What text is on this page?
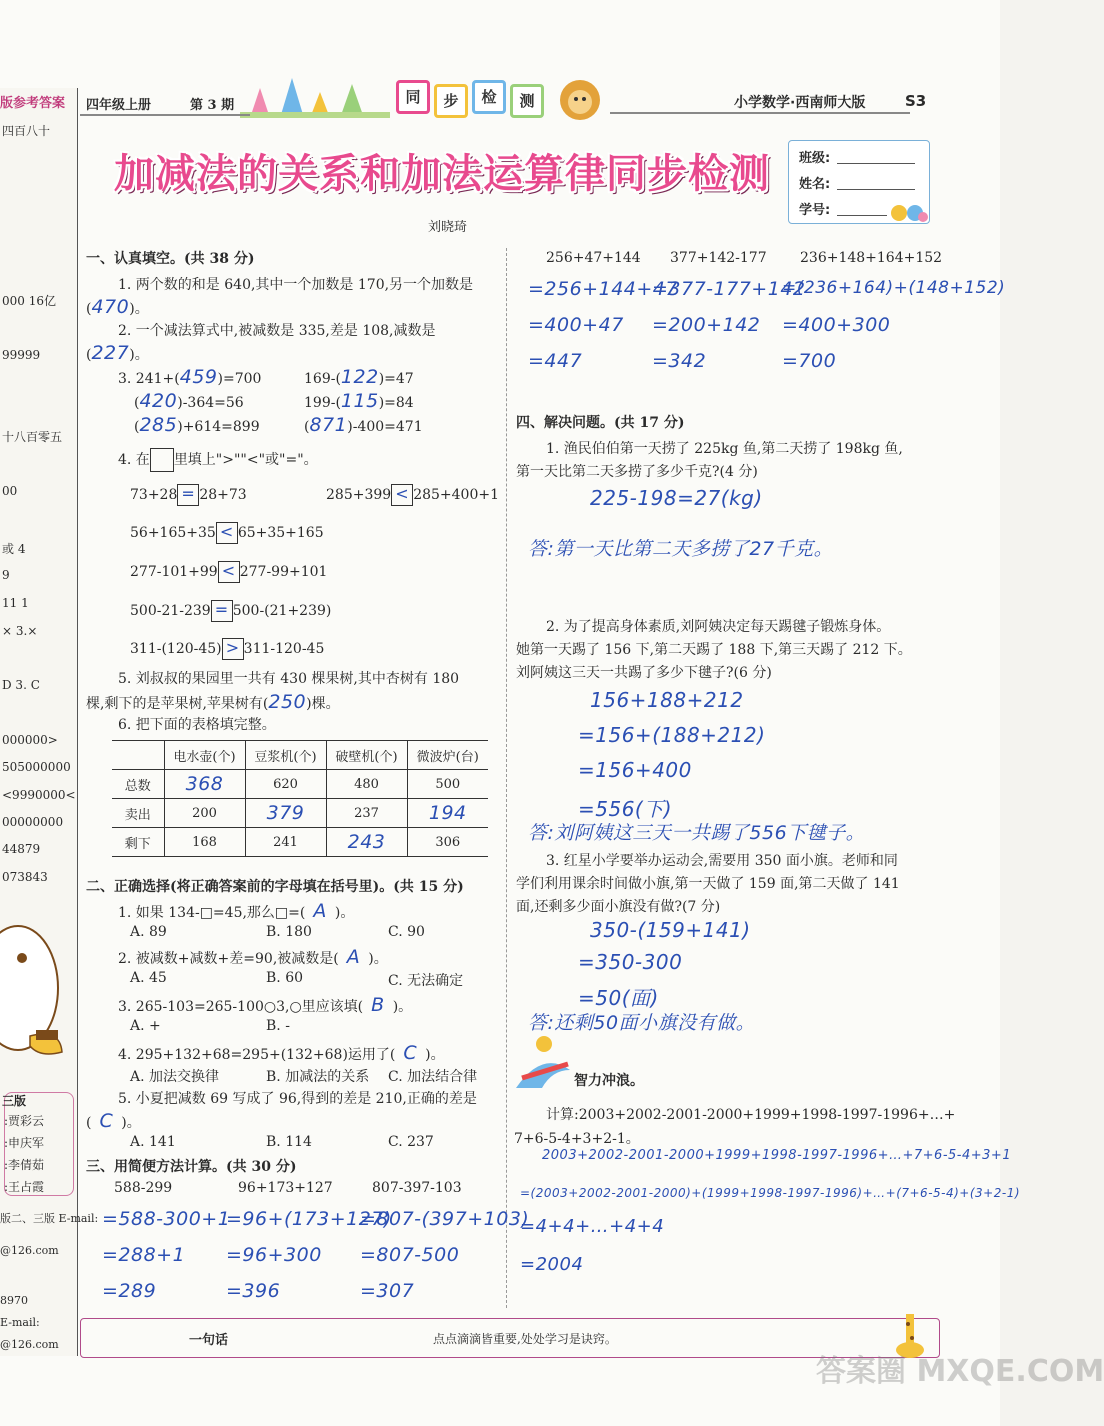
版参考答案
三版
四百八十
000 16亿
99999
十八百零五
00
或 4
9
11 1
× 3.×
D 3. C
000000>
505000000
<9990000<
00000000
44879
073843
:贾彩云
:申庆军
:李倩茹
:王占霞
版二、三版 E-mail:
@126.com
8970
E-mail:
@126.com
四年级上册	第 3 期	同	步	检	测	小学数学·西南师大版	S3
加减法的关系和加法运算律同步检测
刘晓琦
班级:
姓名:
学号:
一、认真填空。(共 38 分)
1. 两个数的和是 640,其中一个加数是 170,另一个加数是
(470)。
2. 一个减法算式中,被减数是 335,差是 108,减数是
(227)。
4. 在 里填上">""<"或"="。
5. 刘叔叔的果园里一共有 430 棵果树,其中杏树有 180
棵,剩下的是苹果树,苹果树有(250)棵。
6. 把下面的表格填完整。
	电水壶(个)	豆浆机(个)	破壁机(个)	微波炉(台)
总数	368	620	480	500
卖出	200	379	237	194
剩下	168	241	243	306
二、正确选择(将正确答案前的字母填在括号里)。(共 15 分)
三、用简便方法计算。(共 30 分)
四、解决问题。(共 17 分)
智力冲浪。
一句话	点点滴滴皆重要,处处学习是诀窍。
答案圈 MXQE.COM
3. 241+(459)=700	169-(122)=47
(420)-364=56	199-(115)=84
(285)+614=899	(871)-400=471
73+28 = 28+73	285+399 < 285+400+1
56+165+35 < 65+35+165
277-101+99 < 277-99+101
500-21-239 = 500-(21+239)
311-(120-45) > 311-120-45
1. 如果 134-□=45,那么□=( A )。
A. 89	B. 180	C. 90
2. 被减数+减数+差=90,被减数是( A )。
A. 45	B. 60	C. 无法确定
3. 265-103=265-100○3,○里应该填( B )。
A. +	B. -
4. 295+132+68=295+(132+68)运用了( C )。
A. 加法交换律	B. 加减法的关系 C. 加法结合律
5. 小夏把减数 69 写成了 96,得到的差是 210,正确的差是
( C )。
A. 141	B. 114	C. 237
588-299
=588-300+1
=288+1
=289
96+173+127
=96+(173+127)
=96+300
=396
807-397-103
=807-(397+103)
=807-500
=307
256+47+144
=256+144+47
=400+47
=447
377+142-177
=377-177+142
=200+142
=342
236+148+164+152
=(236+164)+(148+152)
=400+300
=700
1. 渔民伯伯第一天捞了 225kg 鱼,第二天捞了 198kg 鱼,
第一天比第二天多捞了多少千克?(4 分)
225-198=27(kg)
答:第一天比第二天多捞了27千克。
2. 为了提高身体素质,刘阿姨决定每天踢毽子锻炼身体。
她第一天踢了 156 下,第二天踢了 188 下,第三天踢了 212 下。
刘阿姨这三天一共踢了多少下毽子?(6 分)
156+188+212
=156+(188+212)
=156+400
=556(下)
答:刘阿姨这三天一共踢了556下毽子。
3. 红星小学要举办运动会,需要用 350 面小旗。老师和同
学们利用课余时间做小旗,第一天做了 159 面,第二天做了 141
面,还剩多少面小旗没有做?(7 分)
350-(159+141)
=350-300
=50(面)
答:还剩50面小旗没有做。
计算:2003+2002-2001-2000+1999+1998-1997-1996+…+
7+6-5-4+3+2-1。
2003+2002-2001-2000+1999+1998-1997-1996+…+7+6-5-4+3+1
=(2003+2002-2001-2000)+(1999+1998-1997-1996)+…+(7+6-5-4)+(3+2-1)
=4+4+…+4+4
=2004
